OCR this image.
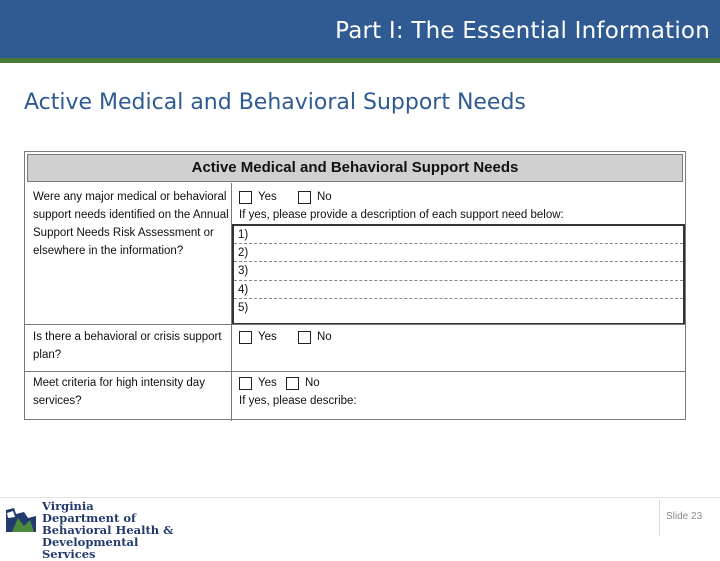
Part I: The Essential Information
Active Medical and Behavioral Support Needs
Active Medical and Behavioral Support Needs
Were any major medical or behavioral support needs identified on the Annual Support Needs Risk Assessment or elsewhere in the information?
Yes
	No
If yes, please provide a description of each support need below:
1)
2)
3)
4)
5)
Is there a behavioral or crisis support plan?
Yes
	No
Meet criteria for high intensity day services?
Yes
No
If yes, please describe:
Virginia Department of
Behavioral Health &
Developmental Services
Slide 23
